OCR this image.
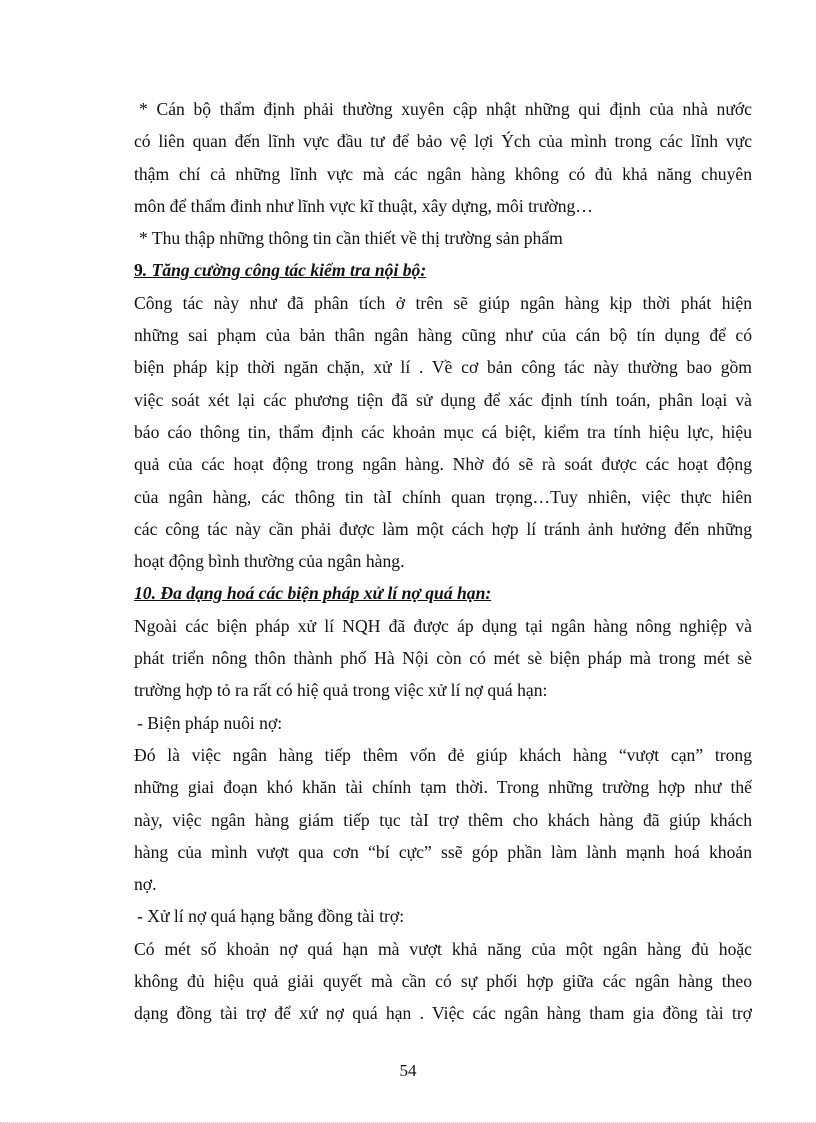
* Cán bộ thẩm định phải thường xuyên cập nhật những qui định của nhà nước
có liên quan đến lĩnh vực đầu tư để bảo vệ lợi Ých của mình trong các lĩnh vực
thậm chí cả những lĩnh vực mà các ngân hàng không có đủ khả năng chuyên
môn để thẩm đinh như lĩnh vực kĩ thuật, xây dựng, môi trường…
* Thu thập những thông tin cần thiết về thị trường sản phẩm
9. Tăng cường công tác kiểm tra nội bộ:
Công tác này như đã phân tích ở trên sẽ giúp ngân hàng kịp thời phát hiện
những sai phạm của bản thân ngân hàng cũng như của cán bộ tín dụng để có
biện pháp kịp thời ngăn chặn, xử lí . Về cơ bản công tác này thường bao gồm
việc soát xét lại các phương tiện đã sử dụng để xác định tính toán, phân loại và
báo cáo thông tin, thẩm định các khoản mục cá biệt, kiểm tra tính hiệu lực, hiệu
quả của các hoạt động trong ngân hàng. Nhờ đó sẽ rà soát được các hoạt động
của ngân hàng, các thông tin tàI chính quan trọng…Tuy nhiên, việc thực hiên
các công tác này cần phải được làm một cách hợp lí tránh ảnh hưởng đến những
hoạt động bình thường của ngân hàng.
10. Đa dạng hoá các biện pháp xử lí nợ quá hạn:
Ngoài các biện pháp xử lí NQH đã được áp dụng tại ngân hàng nông nghiệp và
phát triển nông thôn thành phố Hà Nội còn có mét sè biện pháp mà trong mét sè
trường hợp tỏ ra rất có hiệ quả trong việc xử lí nợ quá hạn:
- Biện pháp nuôi nợ:
Đó là việc ngân hàng tiếp thêm vốn đẻ giúp khách hàng “vượt cạn” trong
những giai đoạn khó khăn tài chính tạm thời. Trong những trường hợp như thế
này, việc ngân hàng giám tiếp tục tàI trợ thêm cho khách hàng đã giúp khách
hàng của mình vượt qua cơn “bí cực” ssẽ góp phần làm lành mạnh hoá khoản
nợ.
- Xử lí nợ quá hạng bằng đồng tài trợ:
Có mét số khoản nợ quá hạn mà vượt khả năng của một ngân hàng đủ hoặc
không đủ hiệu quả giải quyết mà cần có sự phối hợp giữa các ngân hàng theo
dạng đồng tài trợ để xứ nợ quá hạn . Việc các ngân hàng tham gia đồng tài trợ
54
